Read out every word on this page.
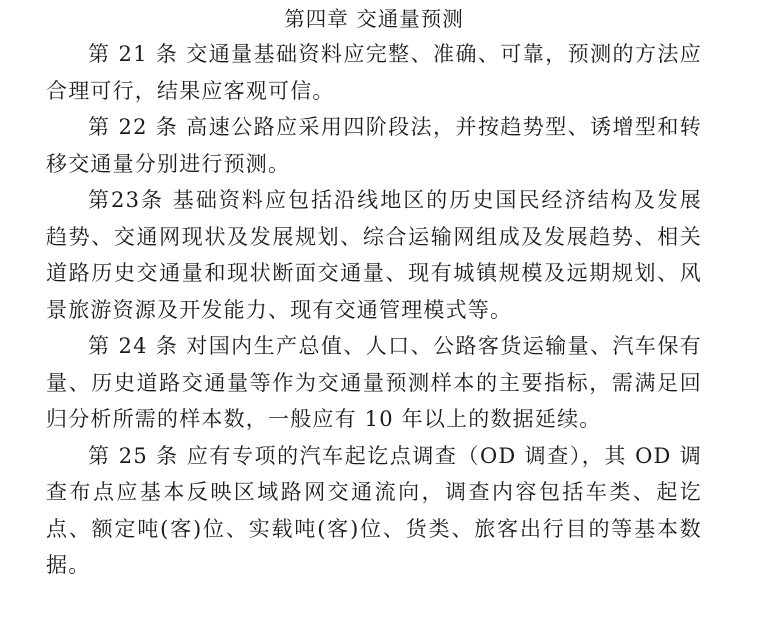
第四章 交通量预测

第 21 条 交通量基础资料应完整、准确、可靠，预测的方法应合理可行，结果应客观可信。

第 22 条 高速公路应采用四阶段法，并按趋势型、诱增型和转移交通量分别进行预测。

第23条 基础资料应包括沿线地区的历史国民经济结构及发展趋势、交通网现状及发展规划、综合运输网组成及发展趋势、相关道路历史交通量和现状断面交通量、现有城镇规模及远期规划、风景旅游资源及开发能力、现有交通管理模式等。

第 24 条 对国内生产总值、人口、公路客货运输量、汽车保有量、历史道路交通量等作为交通量预测样本的主要指标，需满足回归分析所需的样本数，一般应有 10 年以上的数据延续。

第 25 条 应有专项的汽车起讫点调查（OD 调查），其 OD 调查布点应基本反映区域路网交通流向，调查内容包括车类、起讫点、额定吨(客)位、实载吨(客)位、货类、旅客出行目的等基本数据。
